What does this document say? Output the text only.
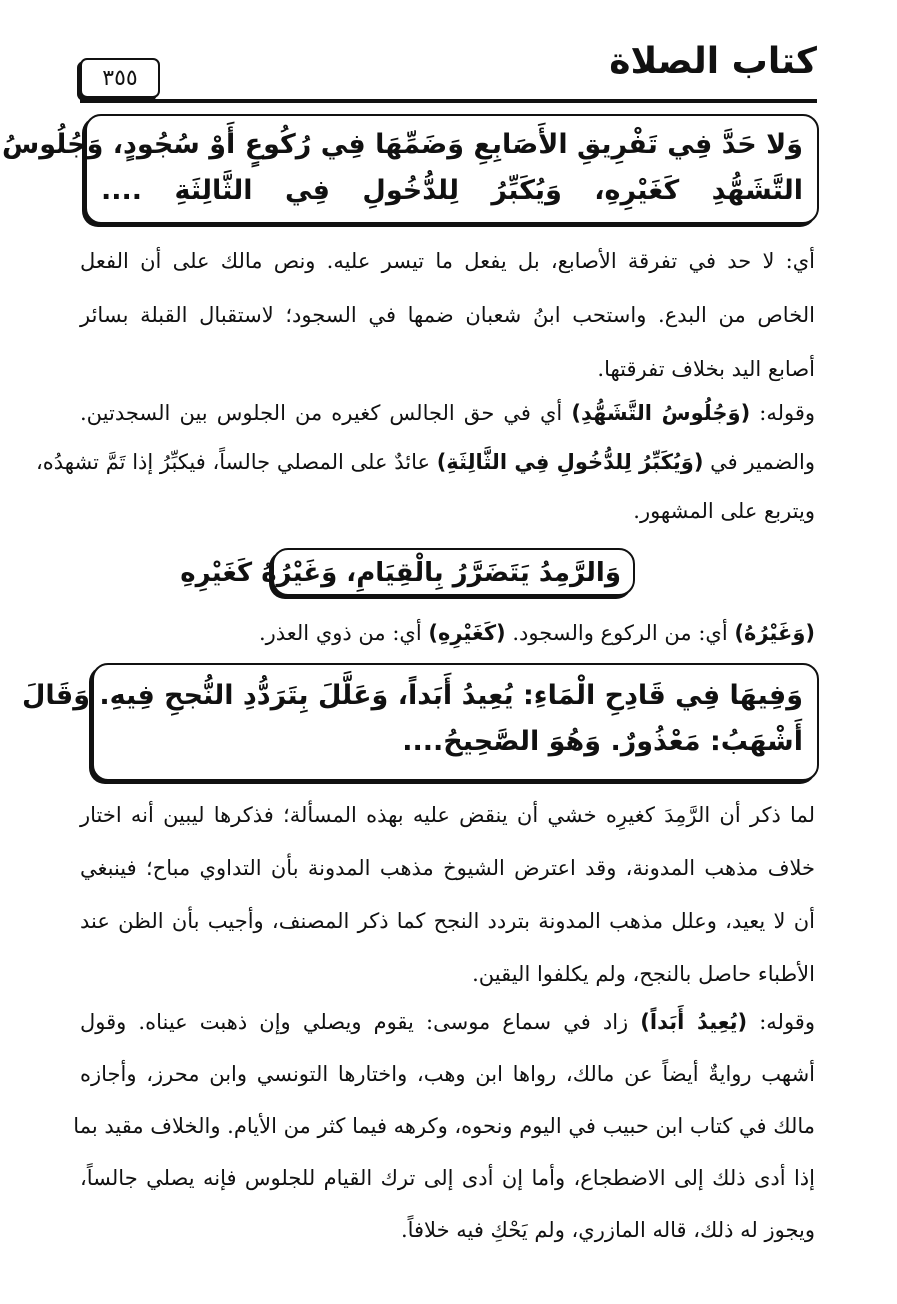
كتاب الصلاة
٣٥٥
وَلا حَدَّ فِي تَفْرِيقِ الأَصَابِعِ وَضَمِّهَا فِي رُكُوعٍ أَوْ سُجُودٍ، وَجُلُوسُ
التَّشَهُّدِ كَغَيْرِهِ، وَيُكَبِّرُ لِلدُّخُولِ فِي الثَّالِثَةِ ....
أي: لا حد في تفرقة الأصابع، بل يفعل ما تيسر عليه. ونص مالك على أن الفعل
الخاص من البدع. واستحب ابنُ شعبان ضمها في السجود؛ لاستقبال القبلة بسائر
أصابع اليد بخلاف تفرقتها.
وقوله: (وَجُلُوسُ التَّشَهُّدِ) أي في حق الجالس كغيره من الجلوس بين السجدتين.
والضمير في (وَيُكَبِّرُ لِلدُّخُولِ فِي الثَّالِثَةِ) عائدٌ على المصلي جالساً، فيكبِّرُ إذا تَمَّ تشهدُه،
ويتربع على المشهور.
وَالرَّمِدُ يَتَضَرَّرُ بِالْقِيَامِ، وَغَيْرُهُ كَغَيْرِهِ
(وَغَيْرُهُ) أي: من الركوع والسجود. (كَغَيْرِهِ) أي: من ذوي العذر.
وَفِيهَا فِي قَادِحِ الْمَاءِ: يُعِيدُ أَبَداً، وَعَلَّلَ بِتَرَدُّدِ النُّجحِ فِيهِ. وَقَالَ
أَشْهَبُ: مَعْذُورٌ. وَهُوَ الصَّحِيحُ....
لما ذكر أن الرَّمِدَ كغيرِه خشي أن ينقض عليه بهذه المسألة؛ فذكرها ليبين أنه اختار
خلاف مذهب المدونة، وقد اعترض الشيوخ مذهب المدونة بأن التداوي مباح؛ فينبغي
أن لا يعيد، وعلل مذهب المدونة بتردد النجح كما ذكر المصنف، وأجيب بأن الظن عند
الأطباء حاصل بالنجح، ولم يكلفوا اليقين.
وقوله: (يُعِيدُ أَبَداً) زاد في سماع موسى: يقوم ويصلي وإن ذهبت عيناه. وقول
أشهب روايةٌ أيضاً عن مالك، رواها ابن وهب، واختارها التونسي وابن محرز، وأجازه
مالك في كتاب ابن حبيب في اليوم ونحوه، وكرهه فيما كثر من الأيام. والخلاف مقيد بما
إذا أدى ذلك إلى الاضطجاع، وأما إن أدى إلى ترك القيام للجلوس فإنه يصلي جالساً،
ويجوز له ذلك، قاله المازري، ولم يَحْكِ فيه خلافاً.
